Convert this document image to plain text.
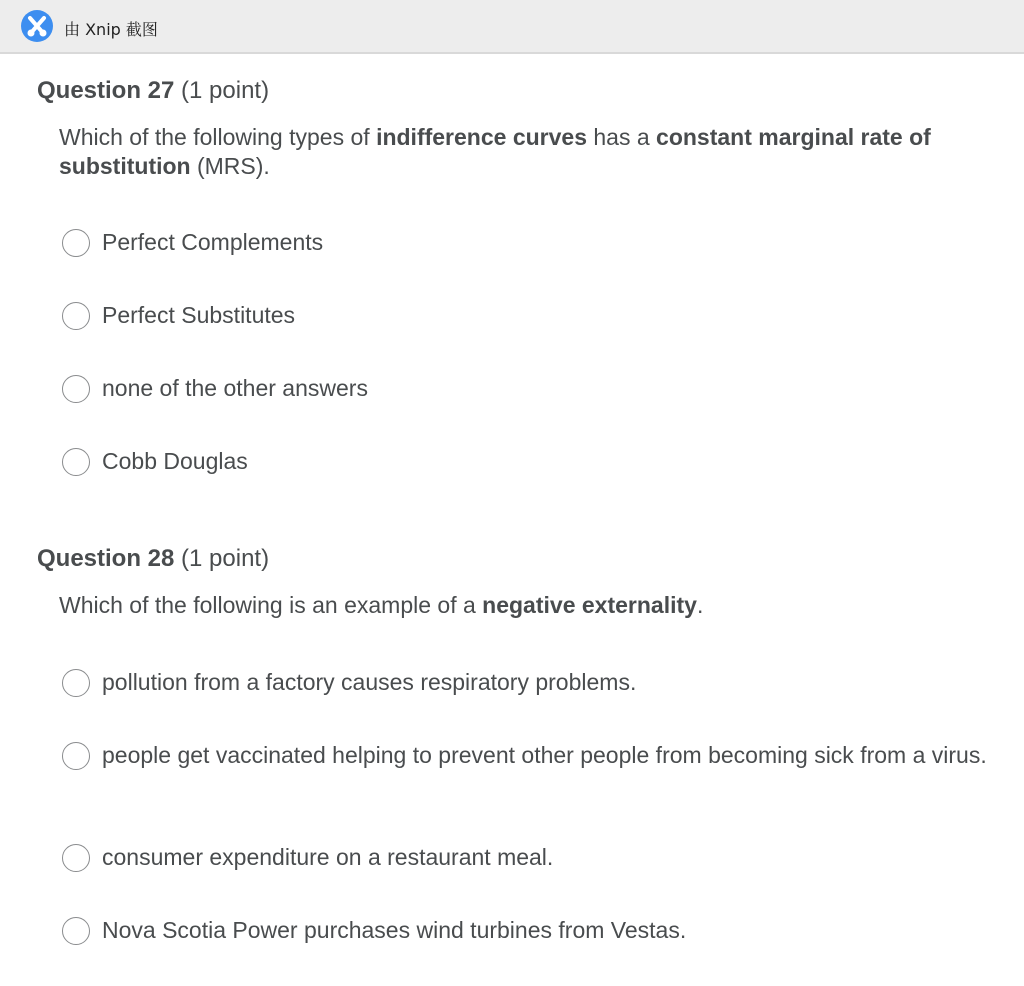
由 Xnip 截图
Question 27 (1 point)
Which of the following types of indifference curves has a constant marginal rate of substitution (MRS).
Perfect Complements
Perfect Substitutes
none of the other answers
Cobb Douglas
Question 28 (1 point)
Which of the following is an example of a negative externality.
pollution from a factory causes respiratory problems.
people get vaccinated helping to prevent other people from becoming sick from a virus.
consumer expenditure on a restaurant meal.
Nova Scotia Power purchases wind turbines from Vestas.
